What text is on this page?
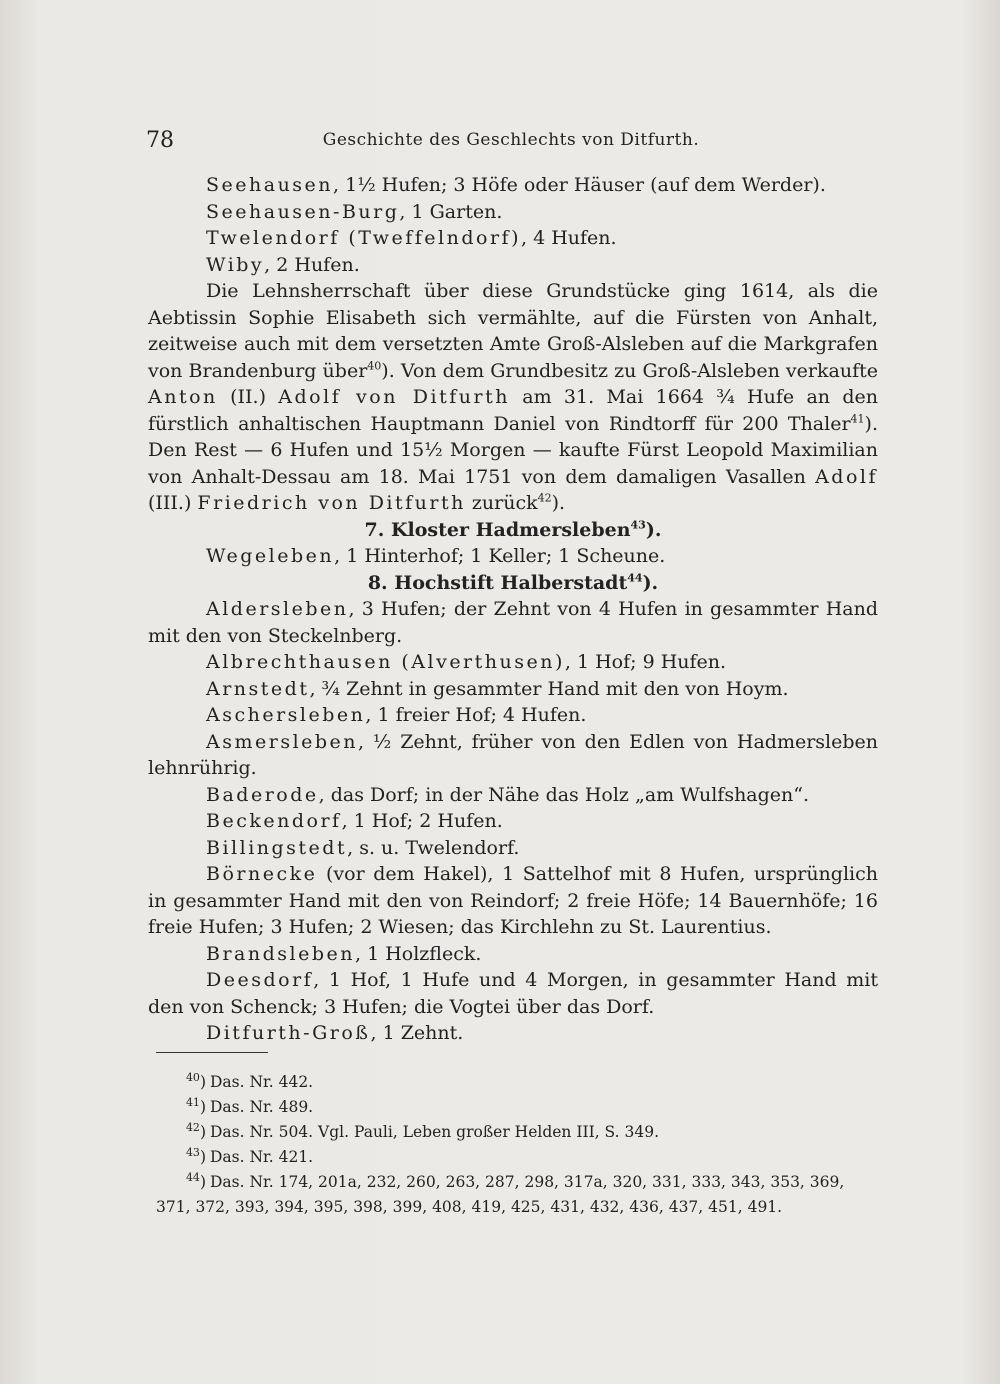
78	Geschichte des Geschlechts von Ditfurth.

Seehausen, 1½ Hufen; 3 Höfe oder Häuser (auf dem Werder).

Seehausen-Burg, 1 Garten.

Twelendorf (Tweffelndorf), 4 Hufen.

Wiby, 2 Hufen.

Die Lehnsherrschaft über diese Grundstücke ging 1614, als die Aebtissin Sophie Elisabeth sich vermählte, auf die Fürsten von Anhalt, zeitweise auch mit dem versetzten Amte Groß-Alsleben auf die Markgrafen von Brandenburg über$^{40}$). Von dem Grundbesitz zu Groß-Alsleben verkaufte Anton (II.) Adolf von Ditfurth am 31. Mai 1664 ¾ Hufe an den fürstlich anhaltischen Hauptmann Daniel von Rindtorff für 200 Thaler$^{41}$). Den Rest — 6 Hufen und 15½ Morgen — kaufte Fürst Leopold Maximilian von Anhalt-Dessau am 18. Mai 1751 von dem damaligen Vasallen Adolf (III.) Friedrich von Ditfurth zurück$^{42}$).

7. Kloster Hadmersleben$^{43}$).

Wegeleben, 1 Hinterhof; 1 Keller; 1 Scheune.

8. Hochstift Halberstadt$^{44}$).

Aldersleben, 3 Hufen; der Zehnt von 4 Hufen in gesammter Hand mit den von Steckelnberg.

Albrechthausen (Alverthusen), 1 Hof; 9 Hufen.

Arnstedt, ¾ Zehnt in gesammter Hand mit den von Hoym.

Aschersleben, 1 freier Hof; 4 Hufen.

Asmersleben, ½ Zehnt, früher von den Edlen von Hadmersleben lehnrührig.

Baderode, das Dorf; in der Nähe das Holz „am Wulfshagen“.

Beckendorf, 1 Hof; 2 Hufen.

Billingstedt, s. u. Twelendorf.

Börnecke (vor dem Hakel), 1 Sattelhof mit 8 Hufen, ursprünglich in gesammter Hand mit den von Reindorf; 2 freie Höfe; 14 Bauernhöfe; 16 freie Hufen; 3 Hufen; 2 Wiesen; das Kirchlehn zu St. Laurentius.

Brandsleben, 1 Holzfleck.

Deesdorf, 1 Hof, 1 Hufe und 4 Morgen, in gesammter Hand mit den von Schenck; 3 Hufen; die Vogtei über das Dorf.

Ditfurth-Groß, 1 Zehnt.

$^{40}$) Das. Nr. 442.

$^{41}$) Das. Nr. 489.

$^{42}$) Das. Nr. 504. Vgl. Pauli, Leben großer Helden III, S. 349.

$^{43}$) Das. Nr. 421.

$^{44}$) Das. Nr. 174, 201a, 232, 260, 263, 287, 298, 317a, 320, 331, 333, 343, 353, 369, 371, 372, 393, 394, 395, 398, 399, 408, 419, 425, 431, 432, 436, 437, 451, 491.
